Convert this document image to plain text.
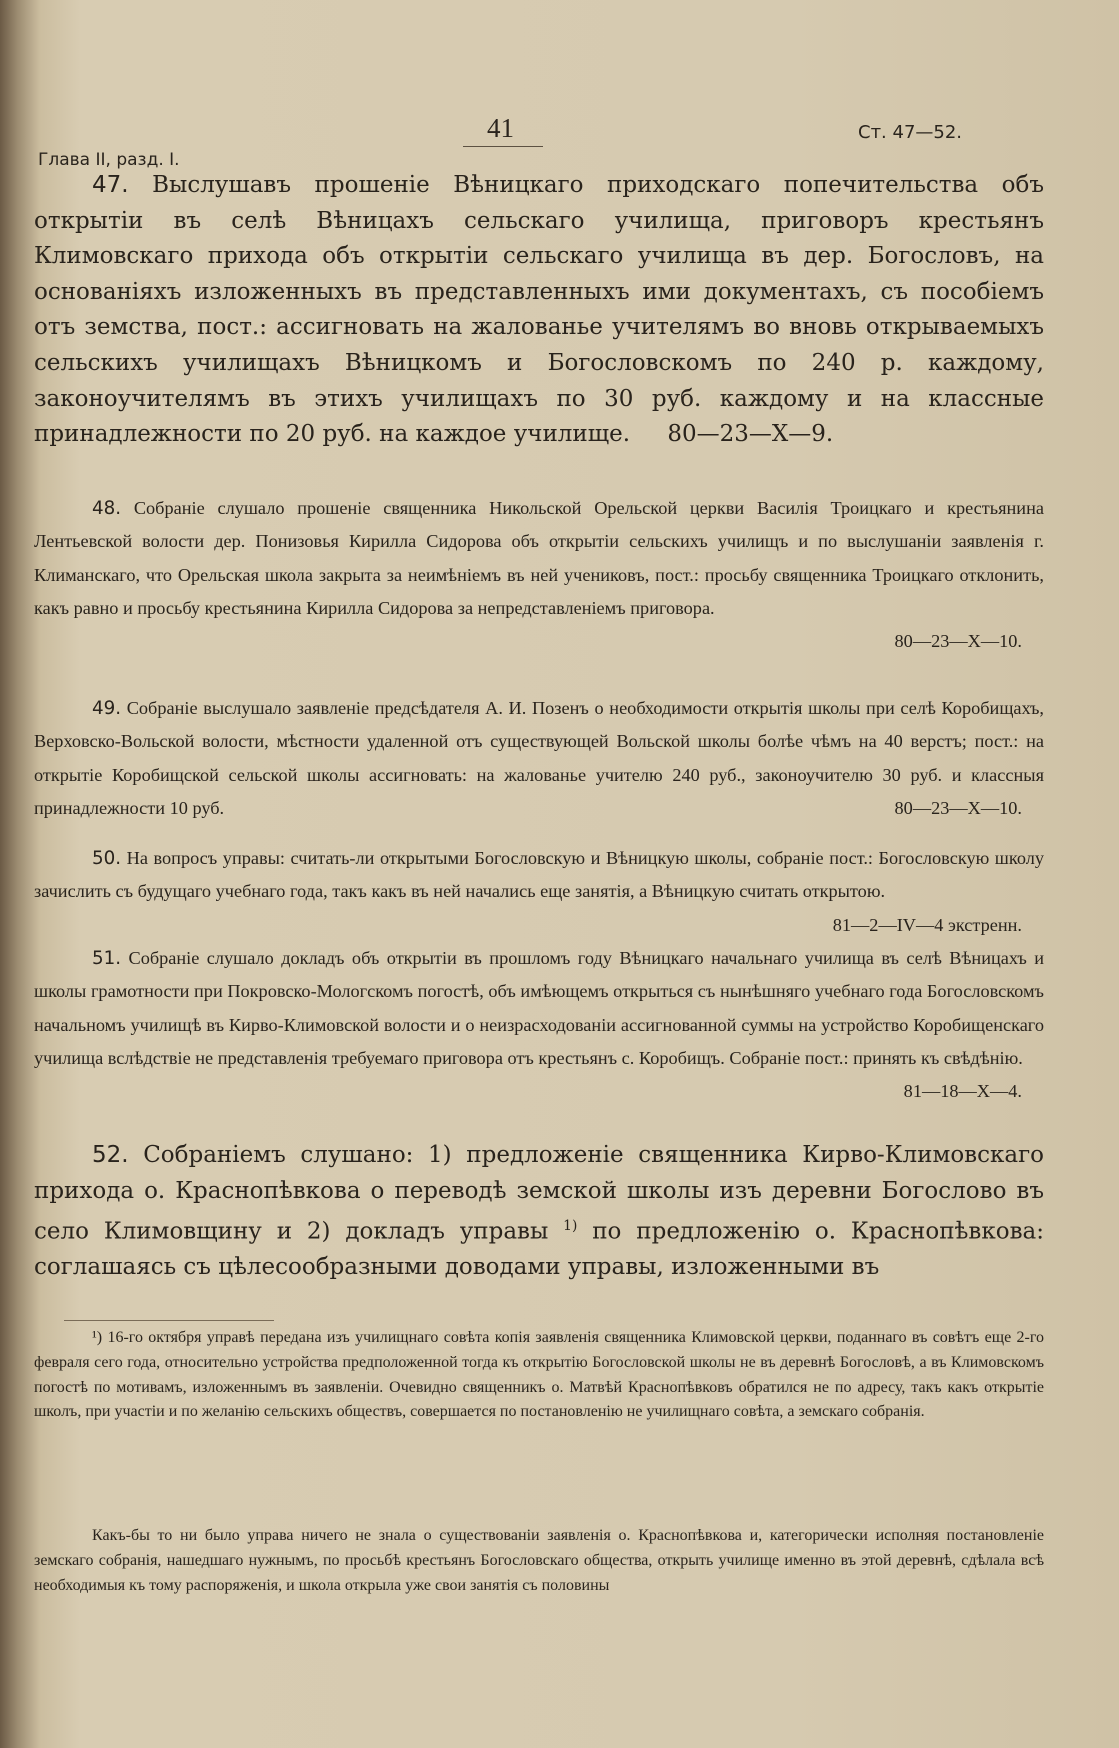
41
Глава II, разд. I.
Ст. 47—52.
47. Выслушавъ прошеніе Вѣницкаго приходскаго попечительства объ открытіи въ селѣ Вѣницахъ сельскаго училища, приговоръ крестьянъ Климовскаго прихода объ открытіи сельскаго училища въ дер. Богословъ, на основаніяхъ изложенныхъ въ представленныхъ ими документахъ, съ пособіемъ отъ земства, пост.: ассигновать на жалованье учителямъ во вновь открываемыхъ сельскихъ училищахъ Вѣницкомъ и Богословскомъ по 240 р. каждому, законоучителямъ въ этихъ училищахъ по 30 руб. каждому и на классные принадлежности по 20 руб. на каждое училище. 80—23—X—9.
48. Собраніе слушало прошеніе священника Никольской Орельской церкви Василія Троицкаго и крестьянина Лентьевской волости дер. Понизовья Кирилла Сидорова объ открытіи сельскихъ училищъ и по выслушаніи заявленія г. Климанскаго, что Орельская школа закрыта за неимѣніемъ въ ней учениковъ, пост.: просьбу священника Троицкаго отклонить, какъ равно и просьбу крестьянина Кирилла Сидорова за непредставленіемъ приговора.
80—23—X—10.
49. Собраніе выслушало заявленіе предсѣдателя А. И. Позенъ о необходимости открытія школы при селѣ Коробищахъ, Верховско-Вольской волости, мѣстности удаленной отъ существующей Вольской школы болѣе чѣмъ на 40 верстъ; пост.: на открытіе Коробищской сельской школы ассигновать: на жалованье учителю 240 руб., законоучителю 30 руб. и классныя принадлежности 10 руб.	80—23—X—10.
50. На вопросъ управы: считать-ли открытыми Богословскую и Вѣницкую школы, собраніе пост.: Богословскую школу зачислить съ будущаго учебнаго года, такъ какъ въ ней начались еще занятія, а Вѣницкую считать открытою.
81—2—IV—4 экстренн.
51. Собраніе слушало докладъ объ открытіи въ прошломъ году Вѣницкаго начальнаго училища въ селѣ Вѣницахъ и школы грамотности при Покровско-Мологскомъ погостѣ, объ имѣющемъ открыться съ нынѣшняго учебнаго года Богословскомъ начальномъ училищѣ въ Кирво-Климовской волости и о неизрасходованіи ассигнованной суммы на устройство Коробищенскаго училища вслѣдствіе не представленія требуемаго приговора отъ крестьянъ с. Коробищъ. Собраніе пост.: принять къ свѣдѣнію.
81—18—X—4.
52. Собраніемъ слушано: 1) предложеніе священника Кирво-Климовскаго прихода о. Краснопѣвкова о переводѣ земской школы изъ деревни Богослово въ село Климовщину и 2) докладъ управы $^{1)}$ по предложенію о. Краснопѣвкова: соглашаясь съ цѣлесообразными доводами управы, изложенными въ
¹) 16-го октября управѣ передана изъ училищнаго совѣта копія заявленія священника Климовской церкви, поданнаго въ совѣтъ еще 2-го февраля сего года, относительно устройства предположенной тогда къ открытію Богословской школы не въ деревнѣ Богословѣ, а въ Климовскомъ погостѣ по мотивамъ, изложеннымъ въ заявленіи. Очевидно священникъ о. Матвѣй Краснопѣвковъ обратился не по адресу, такъ какъ открытіе школъ, при участіи и по желанію сельскихъ обществъ, совершается по постановленію не училищнаго совѣта, а земскаго собранія.
Какъ-бы то ни было управа ничего не знала о существованіи заявленія о. Краснопѣвкова и, категорически исполняя постановленіе земскаго собранія, нашедшаго нужнымъ, по просьбѣ крестьянъ Богословскаго общества, открыть училище именно въ этой деревнѣ, сдѣлала всѣ необходимыя къ тому распоряженія, и школа открыла уже свои занятія съ половины
